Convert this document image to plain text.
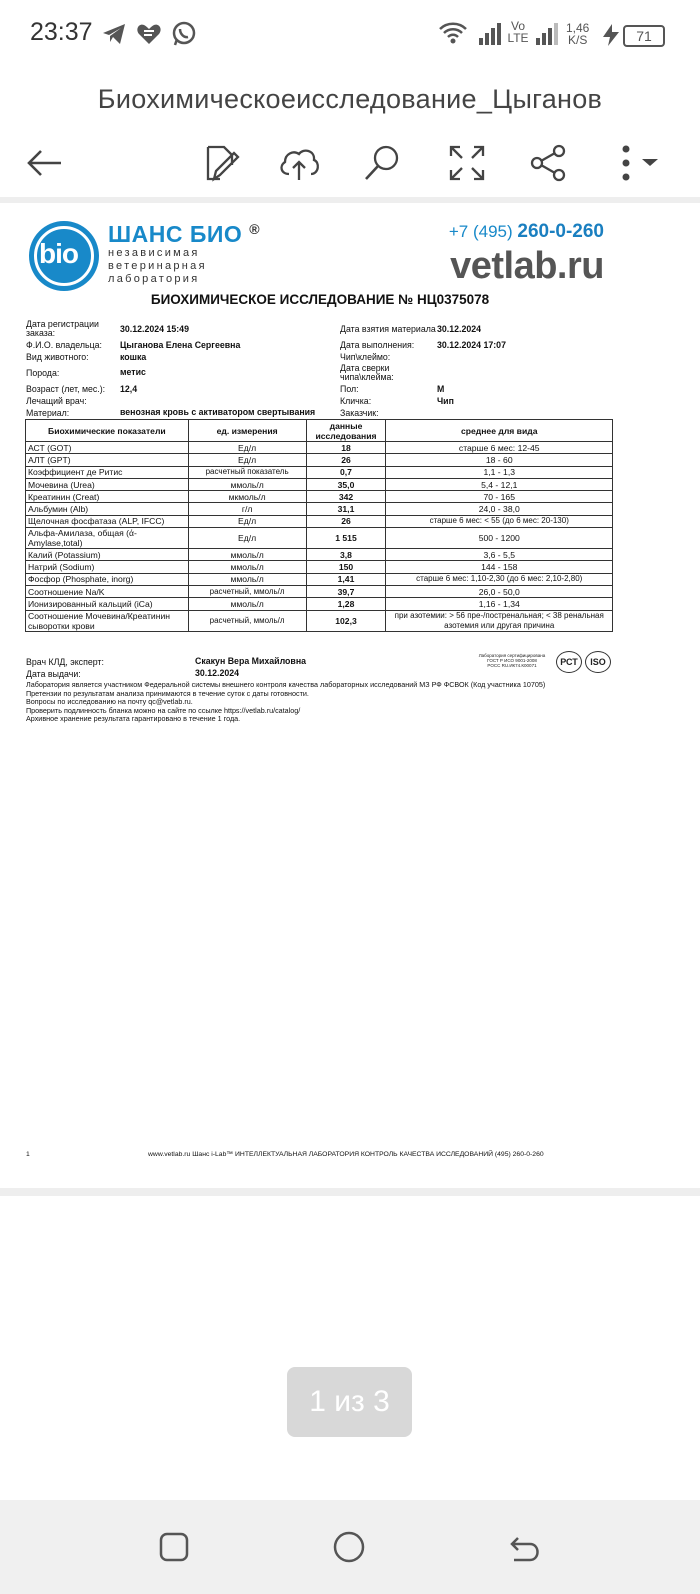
23:37	Vo
LTE
1,46
K/S	71
Биохимическоеисследование_Цыганов
bio
ШАНС БИО ®
независимая
ветеринарная
лаборатория
+7 (495) 260-0-260
vetlab.ru
БИОХИМИЧЕСКОЕ ИССЛЕДОВАНИЕ № НЦ0375078
Дата регистрации
заказа:	30.12.2024 15:49
Ф.И.О. владельца: Цыганова Елена Сергеевна
Вид животного:	кошка
Порода:	метис
Возраст (лет, мес.): 12,4
Лечащий врач:
Материал:	венозная кровь с активатором свертывания
Дата взятия материала 30.12.2024
Дата выполнения:	30.12.2024 17:07
Чип\клеймо:
Дата сверки
чипа\клейма:
Пол:	М
Кличка:	Чип
Заказчик:
Биохимические показатели	ед. измерения	данные исследования	среднее для вида
АСТ (GOT)	Ед/л	18	старше 6 мес: 12-45
АЛТ (GPT)	Ед/л	26	18 - 60
Коэффициент де Ритис	расчетный показатель	0,7	1,1 - 1,3
Мочевина (Urea)	ммоль/л	35,0	5,4 - 12,1
Креатинин (Creat)	мкмоль/л	342	70 - 165
Альбумин (Alb)	г/л	31,1	24,0 - 38,0
Щелочная фосфатаза (ALP, IFCC)	Ед/л	26	старше 6 мес: < 55 (до 6 мес: 20-130)
Альфа-Амилаза, общая (ά-Amylase,total)	Ед/л	1 515	500 - 1200
Калий (Potassium)	ммоль/л	3,8	3,6 - 5,5
Натрий (Sodium)	ммоль/л	150	144 - 158
Фосфор (Phosphate, inorg)	ммоль/л	1,41	старше 6 мес: 1,10-2,30 (до 6 мес: 2,10-2,80)
Соотношение Na/K	расчетный, ммоль/л	39,7	26,0 - 50,0
Ионизированный кальций (iCa)	ммоль/л	1,28	1,16 - 1,34
Соотношение Мочевина/Креатинин сыворотки крови	расчетный, ммоль/л	102,3	при азотемии: > 56 пре-/постренальная; < 38 ренальная азотемия или другая причина
Врач КЛД, эксперт:	Скакун Вера Михайловна
Дата выдачи:	30.12.2024
Лаборатория сертифицирована
ГОСТ Р ИСО 9001-2008
РОСС RU.ИК74.К00071	РСТ	ISO
Лаборатория является участником Федеральной системы внешнего контроля качества лабораторных исследований МЗ РФ ФСВОК (Код участника 10705)
Претензии по результатам анализа принимаются в течение суток с даты готовности.
Вопросы по исследованию на почту qc@vetlab.ru.
Проверить подлинность бланка можно на сайте по ссылке https://vetlab.ru/catalog/
Архивное хранение результата гарантировано в течение 1 года.
1	www.vetlab.ru Шанс i-Lab™ ИНТЕЛЛЕКТУАЛЬНАЯ ЛАБОРАТОРИЯ КОНТРОЛЬ КАЧЕСТВА ИССЛЕДОВАНИЙ (495) 260-0-260
1 из 3
